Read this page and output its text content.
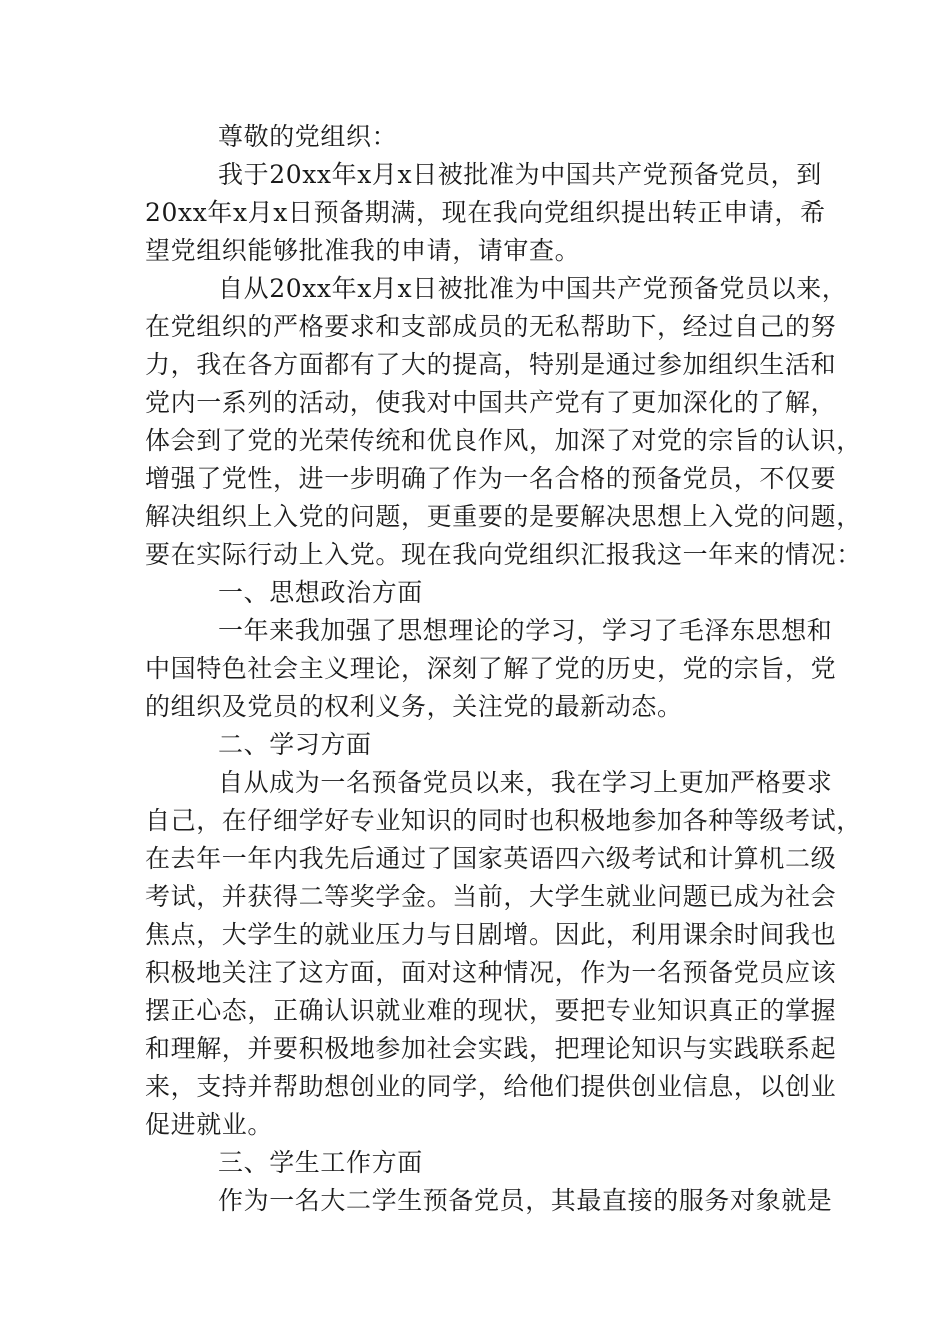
尊敬的党组织：
我于20xx年x月x日被批准为中国共产党预备党员，到
20xx年x月x日预备期满，现在我向党组织提出转正申请，希
望党组织能够批准我的申请，请审查。
自从20xx年x月x日被批准为中国共产党预备党员以来，
在党组织的严格要求和支部成员的无私帮助下，经过自己的努
力，我在各方面都有了大的提高，特别是通过参加组织生活和
党内一系列的活动，使我对中国共产党有了更加深化的了解，
体会到了党的光荣传统和优良作风，加深了对党的宗旨的认识，
增强了党性，进一步明确了作为一名合格的预备党员，不仅要
解决组织上入党的问题，更重要的是要解决思想上入党的问题，
要在实际行动上入党。现在我向党组织汇报我这一年来的情况：
一、思想政治方面
一年来我加强了思想理论的学习，学习了毛泽东思想和
中国特色社会主义理论，深刻了解了党的历史，党的宗旨，党
的组织及党员的权利义务，关注党的最新动态。
二、学习方面
自从成为一名预备党员以来，我在学习上更加严格要求
自己，在仔细学好专业知识的同时也积极地参加各种等级考试，
在去年一年内我先后通过了国家英语四六级考试和计算机二级
考试，并获得二等奖学金。当前，大学生就业问题已成为社会
焦点，大学生的就业压力与日剧增。因此，利用课余时间我也
积极地关注了这方面，面对这种情况，作为一名预备党员应该
摆正心态，正确认识就业难的现状，要把专业知识真正的掌握
和理解，并要积极地参加社会实践，把理论知识与实践联系起
来，支持并帮助想创业的同学，给他们提供创业信息，以创业
促进就业。
三、学生工作方面
作为一名大二学生预备党员，其最直接的服务对象就是
